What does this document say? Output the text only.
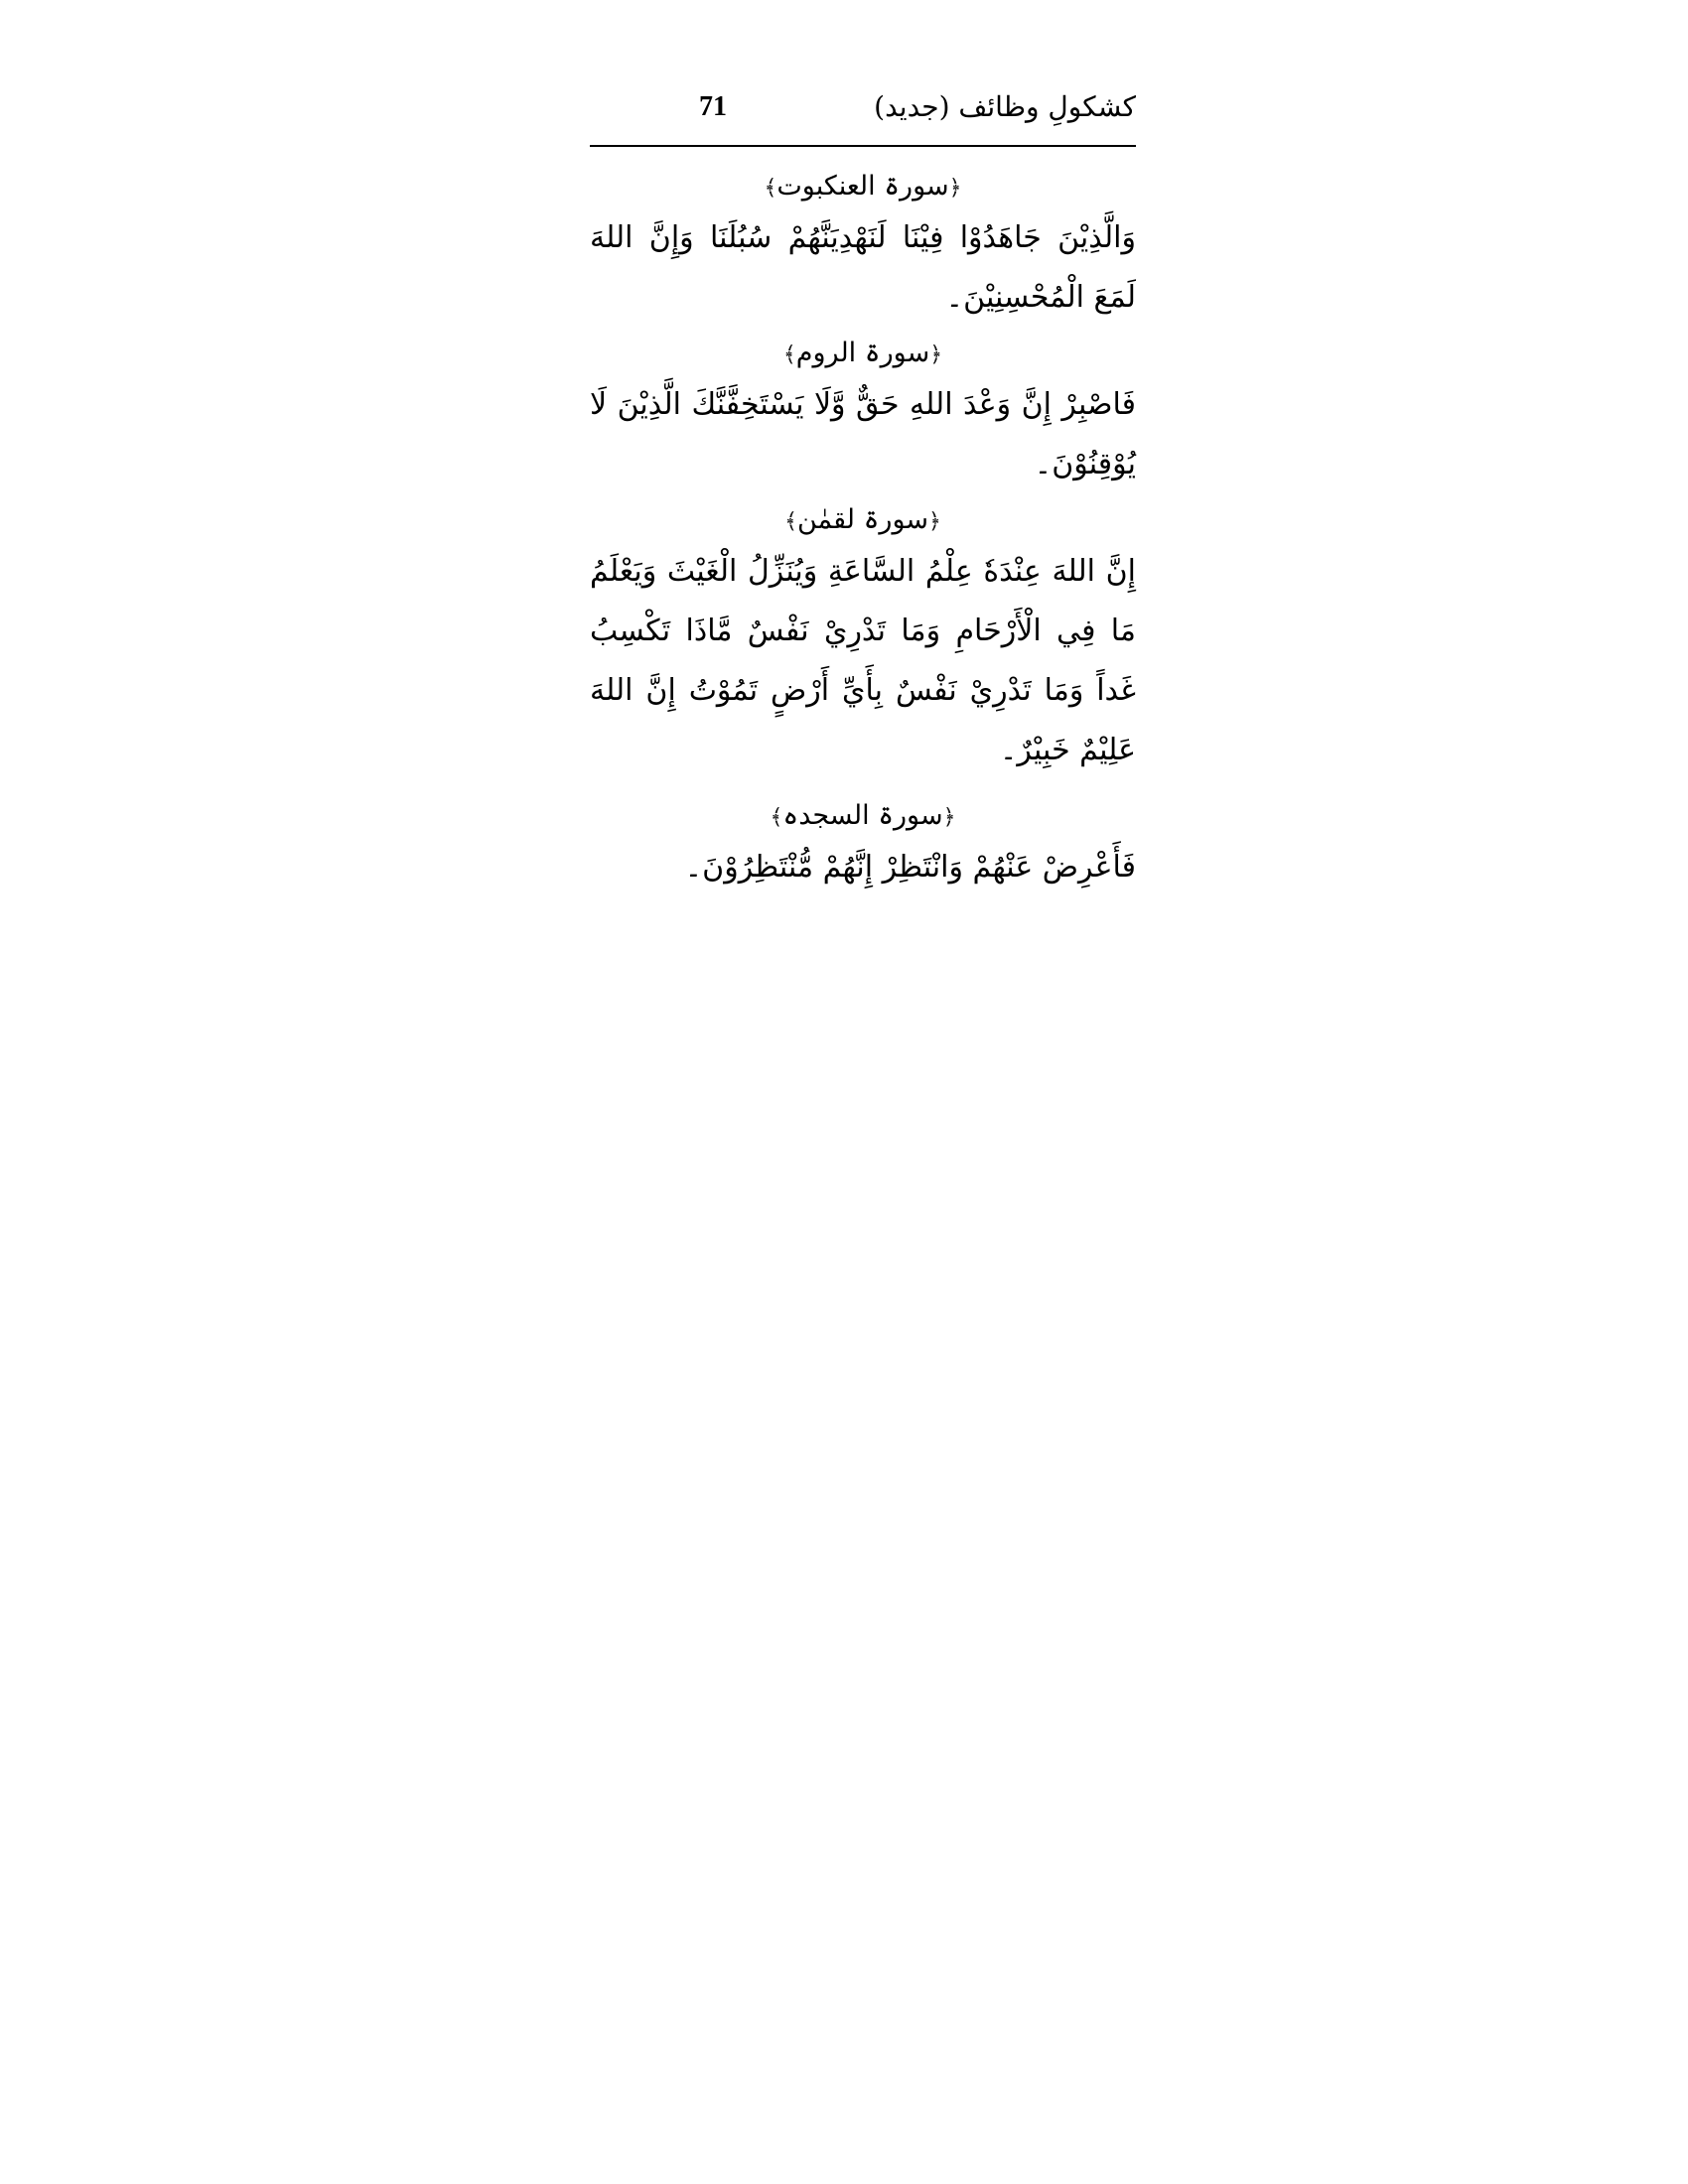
کشکولِ وظائف (جدید)
71
﴿سورۃ العنکبوت﴾

وَالَّذِيْنَ جَاهَدُوْا فِيْنَا لَنَهْدِيَنَّهُمْ سُبُلَنَا وَإِنَّ اللهَ لَمَعَ الْمُحْسِنِيْنَ۔

﴿سورۃ الروم﴾

فَاصْبِرْ إِنَّ وَعْدَ اللهِ حَقٌّ وَّلَا يَسْتَخِفَّنَّكَ الَّذِيْنَ لَا يُوْقِنُوْنَ۔

﴿سورۃ لقمٰن﴾

إِنَّ اللهَ عِنْدَهٗ عِلْمُ السَّاعَةِ وَيُنَزِّلُ الْغَيْثَ وَيَعْلَمُ مَا فِي الْأَرْحَامِ وَمَا تَدْرِيْ نَفْسٌ مَّاذَا تَكْسِبُ غَداً وَمَا تَدْرِيْ نَفْسٌ بِأَيِّ أَرْضٍ تَمُوْتُ إِنَّ اللهَ عَلِيْمٌ خَبِيْرٌ۔

﴿سورۃ السجدہ﴾

فَأَعْرِضْ عَنْهُمْ وَانْتَظِرْ إِنَّهُمْ مُّنْتَظِرُوْنَ۔
